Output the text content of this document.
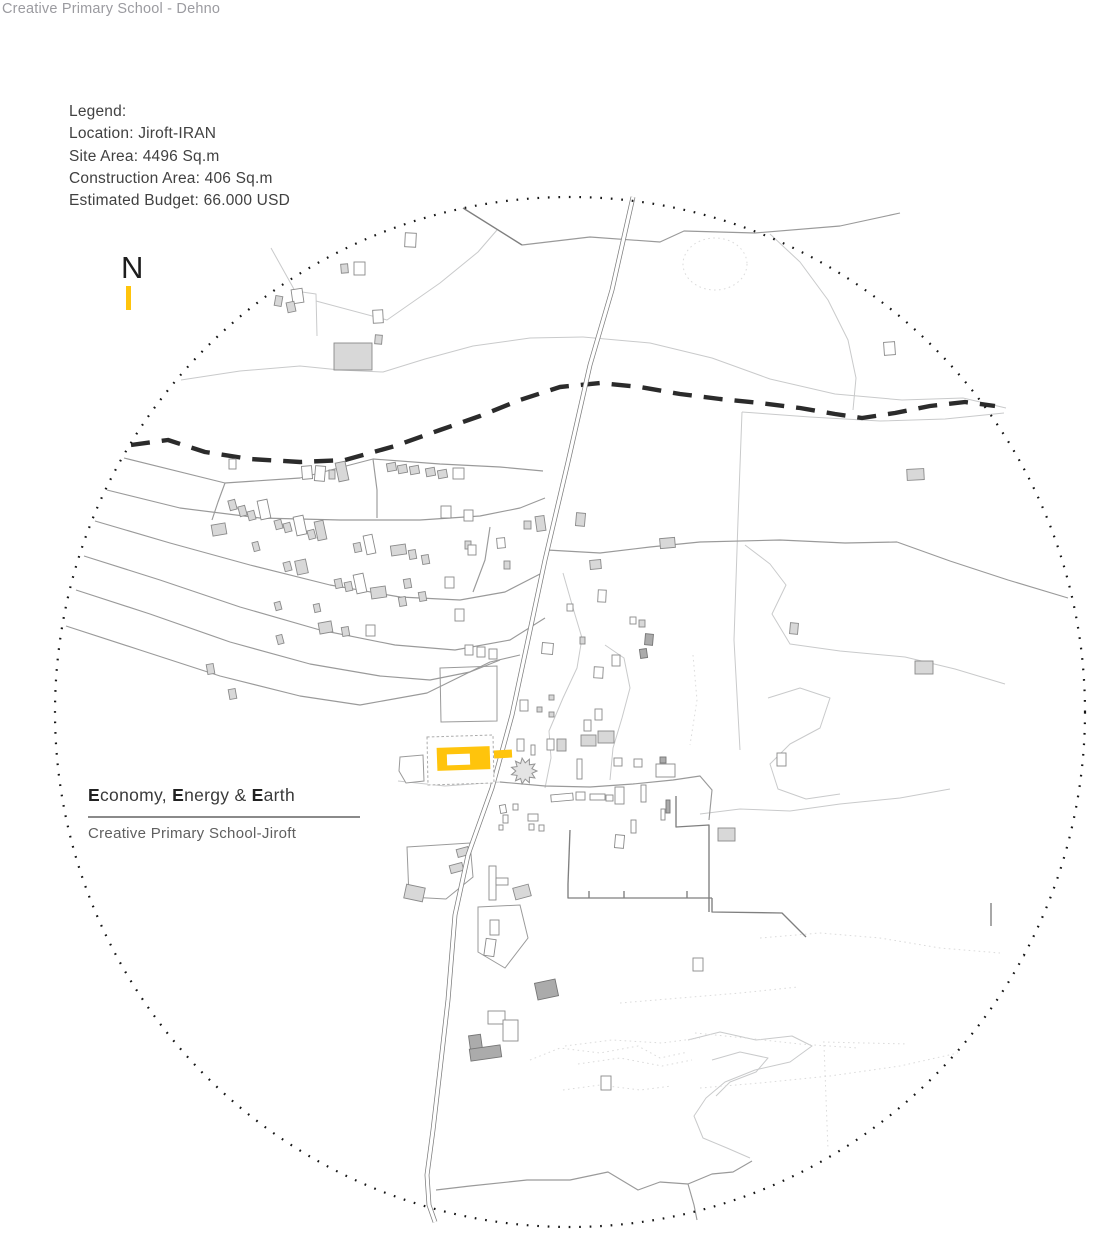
Creative Primary School - Dehno
Legend:
Location: Jiroft-IRAN
Site Area: 4496 Sq.m
Construction Area: 406 Sq.m
Estimated Budget: 66.000 USD
N
Economy, Energy & Earth
Creative Primary School-Jiroft
